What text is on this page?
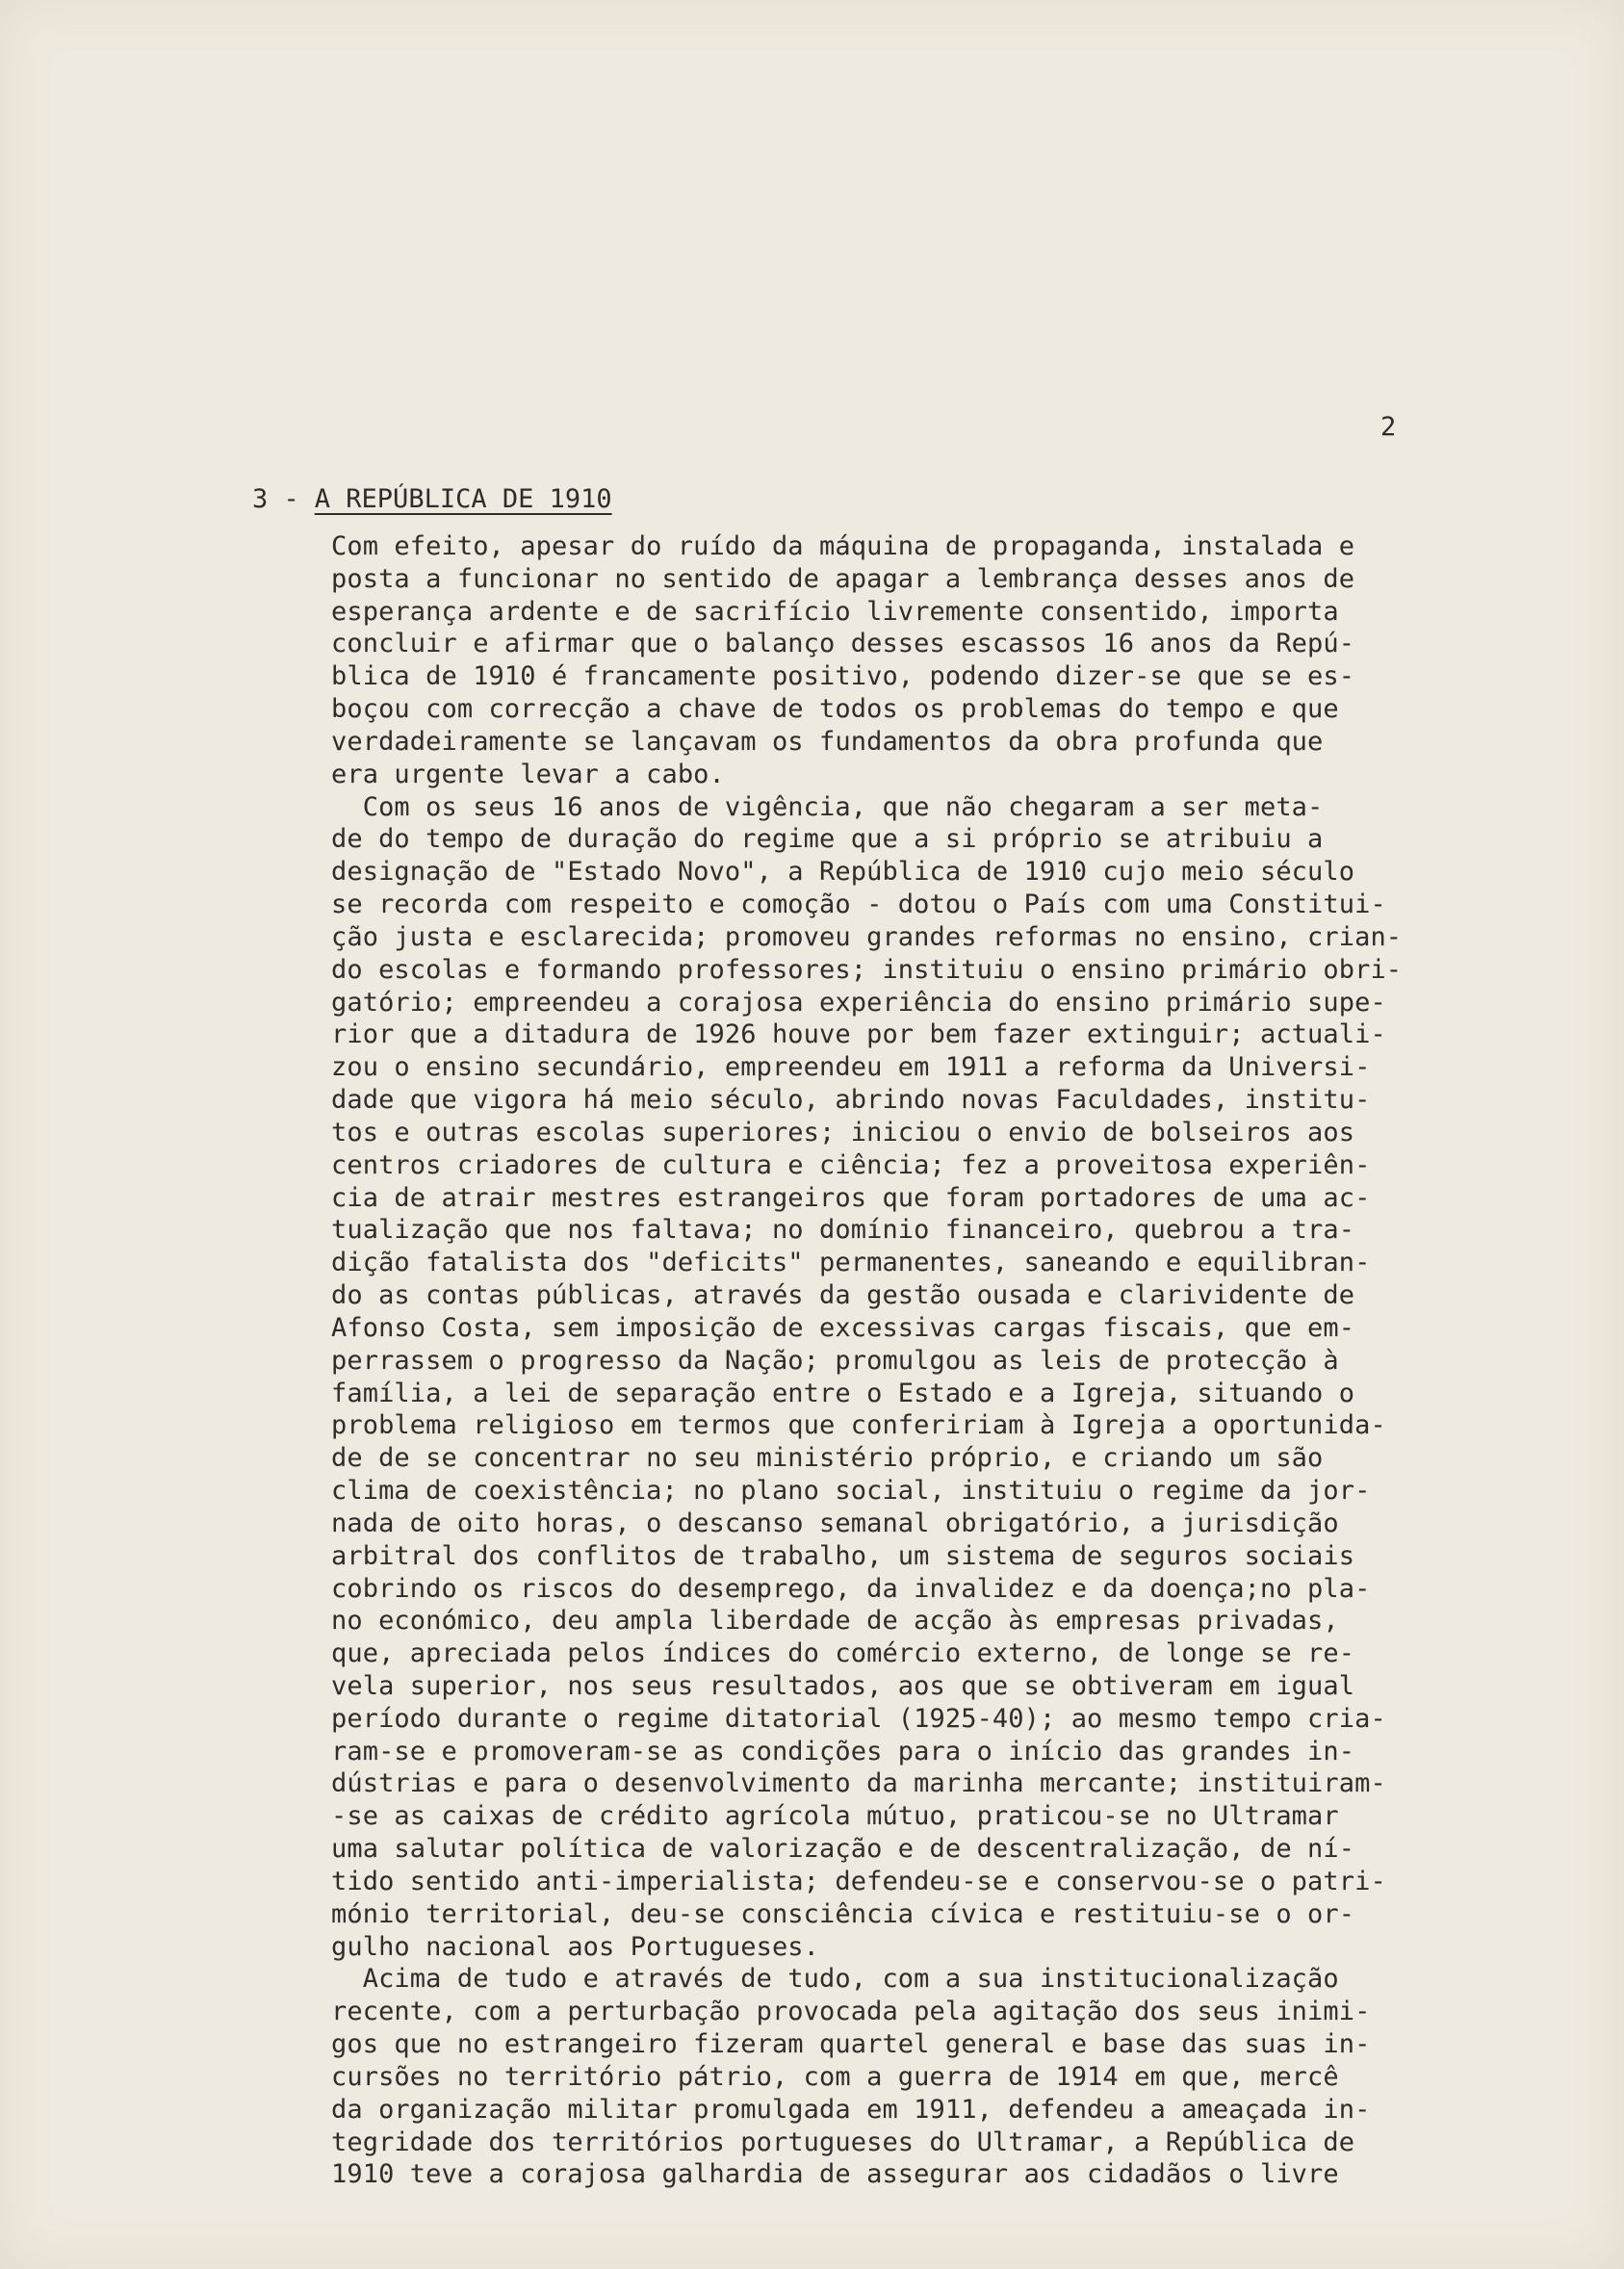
2
3 - A REPÚBLICA DE 1910
Com efeito, apesar do ruído da máquina de propaganda, instalada e
posta a funcionar no sentido de apagar a lembrança desses anos de
esperança ardente e de sacrifício livremente consentido, importa
concluir e afirmar que o balanço desses escassos 16 anos da Repú-
blica de 1910 é francamente positivo, podendo dizer-se que se es-
boçou com correcção a chave de todos os problemas do tempo e que
verdadeiramente se lançavam os fundamentos da obra profunda que
era urgente levar a cabo.
Com os seus 16 anos de vigência, que não chegaram a ser meta-
de do tempo de duração do regime que a si próprio se atribuiu a
designação de "Estado Novo", a República de 1910 cujo meio século
se recorda com respeito e comoção - dotou o País com uma Constitui-
ção justa e esclarecida; promoveu grandes reformas no ensino, crian-
do escolas e formando professores; instituiu o ensino primário obri-
gatório; empreendeu a corajosa experiência do ensino primário supe-
rior que a ditadura de 1926 houve por bem fazer extinguir; actuali-
zou o ensino secundário, empreendeu em 1911 a reforma da Universi-
dade que vigora há meio século, abrindo novas Faculdades, institu-
tos e outras escolas superiores; iniciou o envio de bolseiros aos
centros criadores de cultura e ciência; fez a proveitosa experiên-
cia de atrair mestres estrangeiros que foram portadores de uma ac-
tualização que nos faltava; no domínio financeiro, quebrou a tra-
dição fatalista dos "deficits" permanentes, saneando e equilibran-
do as contas públicas, através da gestão ousada e clarividente de
Afonso Costa, sem imposição de excessivas cargas fiscais, que em-
perrassem o progresso da Nação; promulgou as leis de protecção à
família, a lei de separação entre o Estado e a Igreja, situando o
problema religioso em termos que confeririam à Igreja a oportunida-
de de se concentrar no seu ministério próprio, e criando um são
clima de coexistência; no plano social, instituiu o regime da jor-
nada de oito horas, o descanso semanal obrigatório, a jurisdição
arbitral dos conflitos de trabalho, um sistema de seguros sociais
cobrindo os riscos do desemprego, da invalidez e da doença;no pla-
no económico, deu ampla liberdade de acção às empresas privadas,
que, apreciada pelos índices do comércio externo, de longe se re-
vela superior, nos seus resultados, aos que se obtiveram em igual
período durante o regime ditatorial (1925-40); ao mesmo tempo cria-
ram-se e promoveram-se as condições para o início das grandes in-
dústrias e para o desenvolvimento da marinha mercante; instituiram-
-se as caixas de crédito agrícola mútuo, praticou-se no Ultramar
uma salutar política de valorização e de descentralização, de ní-
tido sentido anti-imperialista; defendeu-se e conservou-se o patri-
mónio territorial, deu-se consciência cívica e restituiu-se o or-
gulho nacional aos Portugueses.
Acima de tudo e através de tudo, com a sua institucionalização
recente, com a perturbação provocada pela agitação dos seus inimi-
gos que no estrangeiro fizeram quartel general e base das suas in-
cursões no território pátrio, com a guerra de 1914 em que, mercê
da organização militar promulgada em 1911, defendeu a ameaçada in-
tegridade dos territórios portugueses do Ultramar, a República de
1910 teve a corajosa galhardia de assegurar aos cidadãos o livre
